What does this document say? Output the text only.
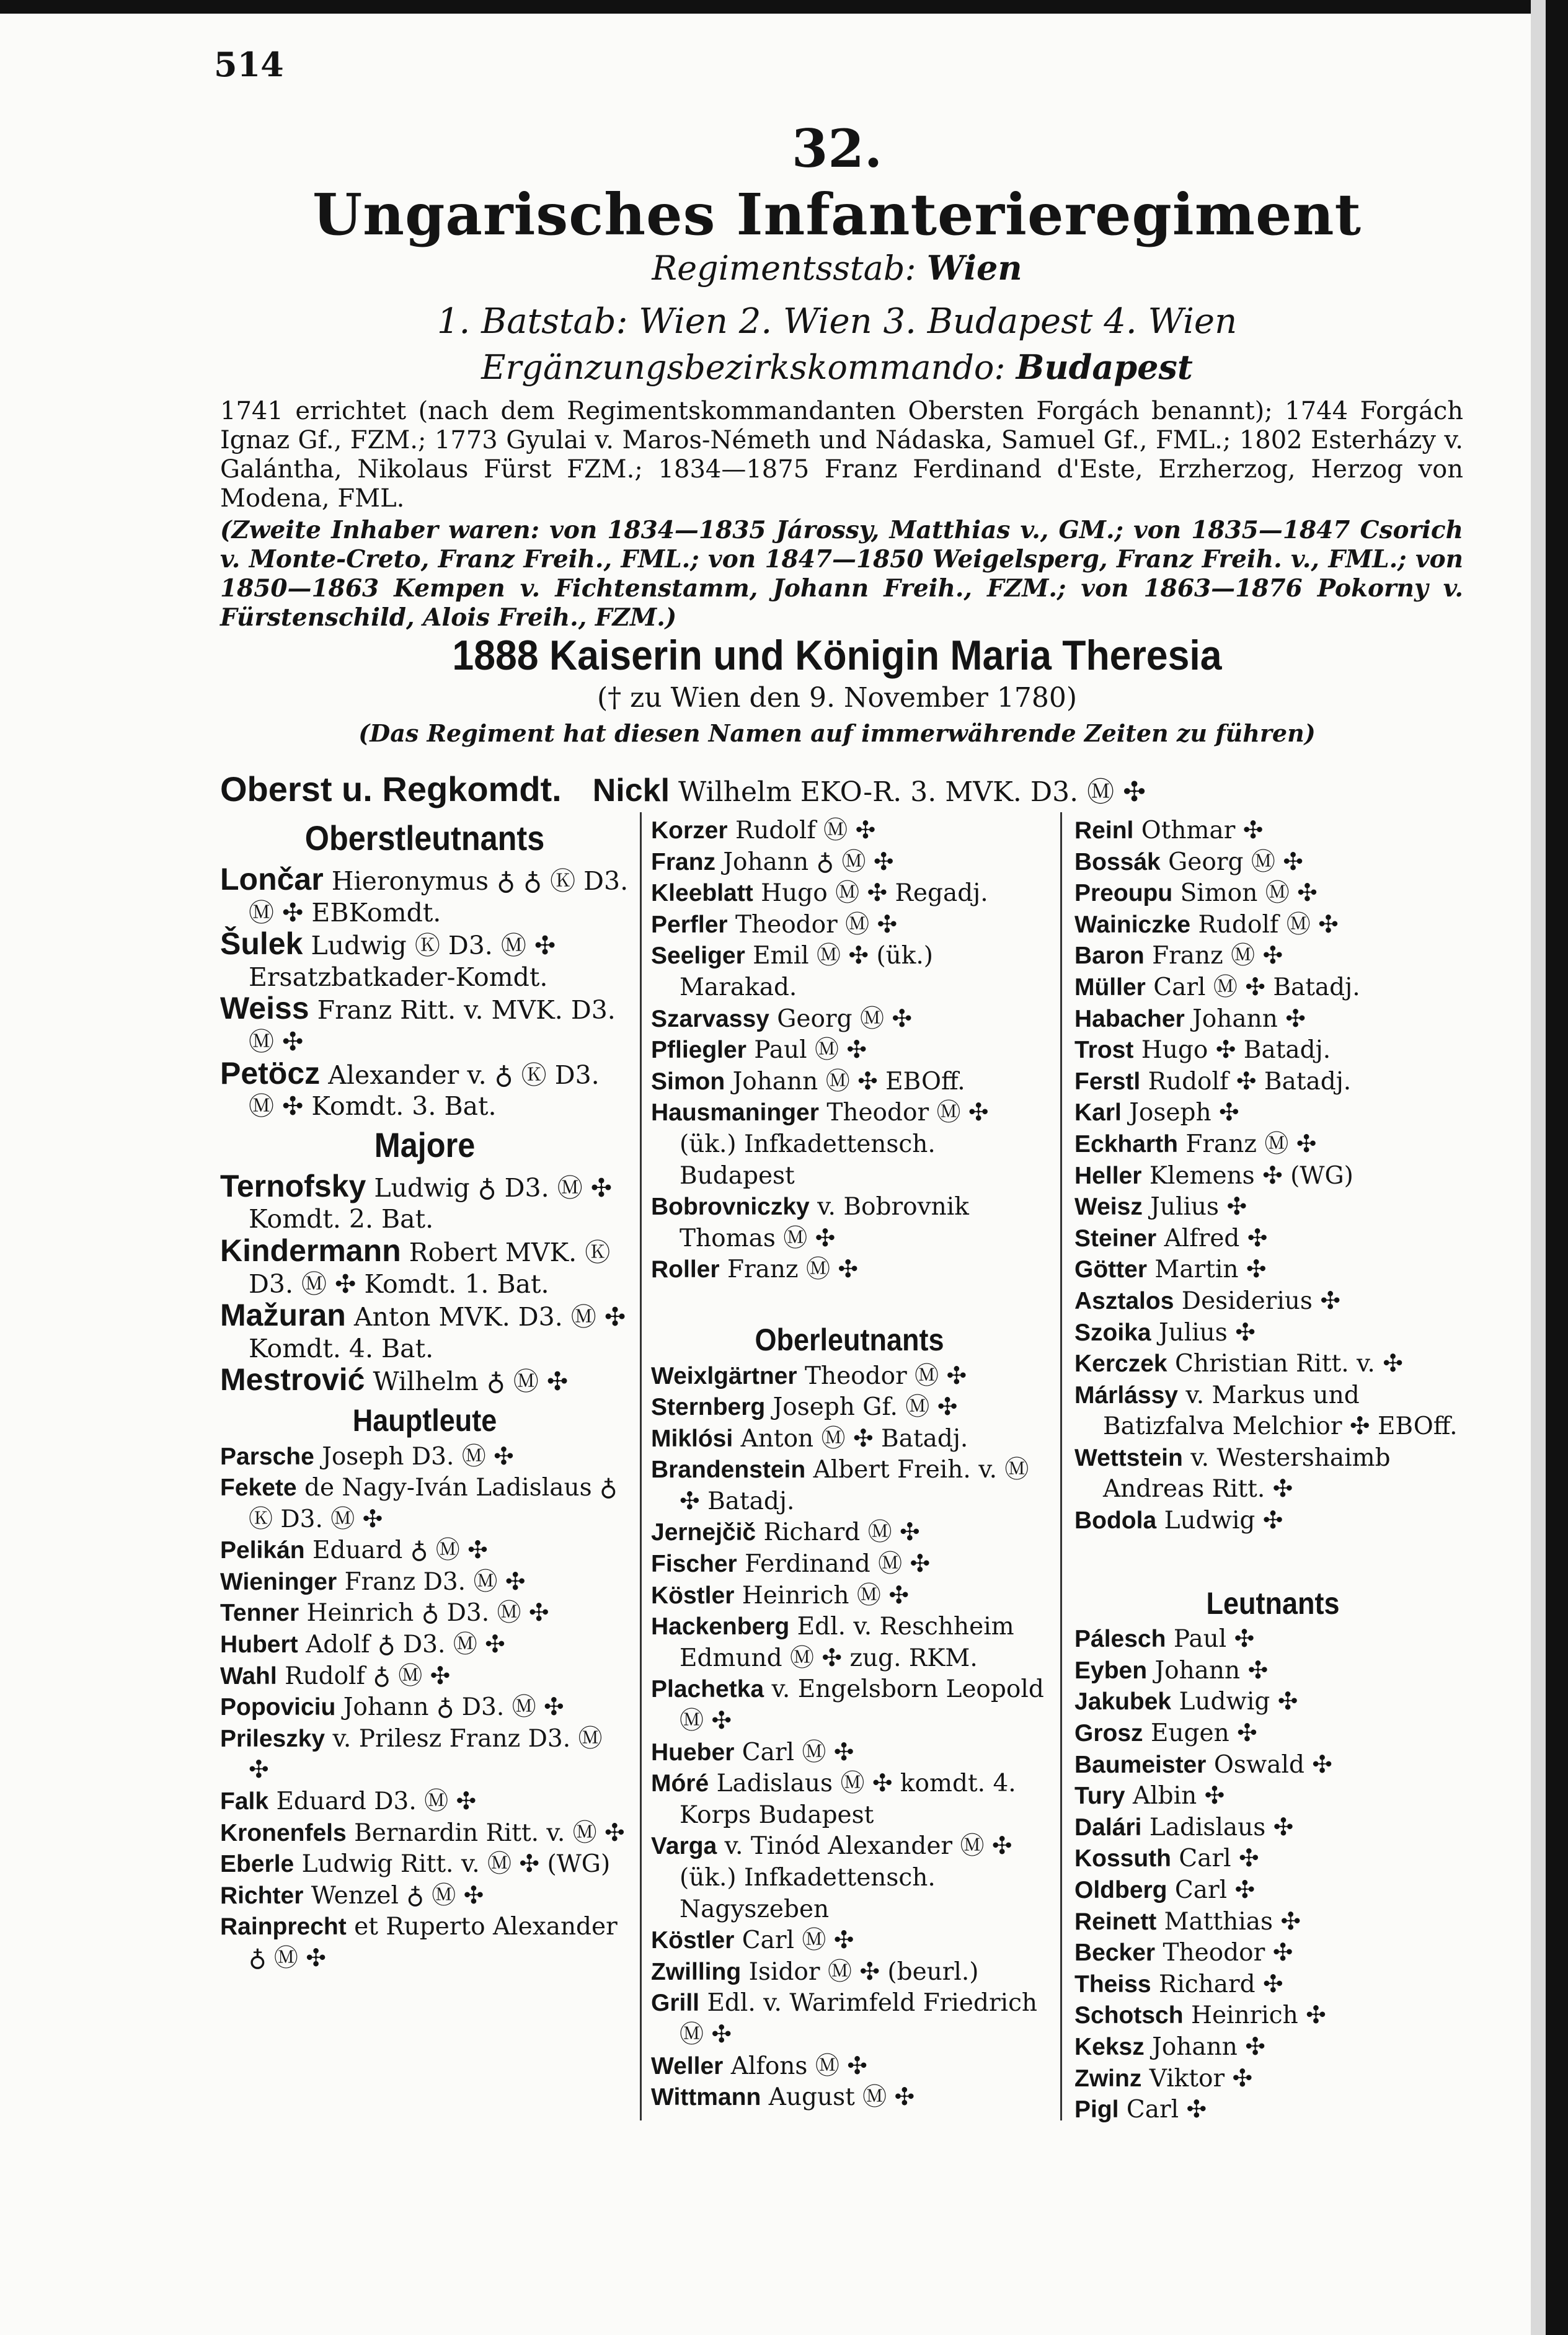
514
32.
Ungarisches Infanterieregiment
Regimentsstab: Wien
1. Batstab: Wien 2. Wien 3. Budapest 4. Wien
Ergänzungsbezirkskommando: Budapest
1741 errichtet (nach dem Regimentskommandanten Obersten Forgách benannt); 1744 Forgách Ignaz Gf., FZM.; 1773 Gyulai v. Maros-Németh und Nádaska, Samuel Gf., FML.; 1802 Esterházy v. Galántha, Nikolaus Fürst FZM.; 1834—1875 Franz Ferdinand d'Este, Erzherzog, Herzog von Modena, FML.
(Zweite Inhaber waren: von 1834—1835 Járossy, Matthias v., GM.; von 1835—1847 Csorich v. Monte-Creto, Franz Freih., FML.; von 1847—1850 Weigelsperg, Franz Freih. v., FML.; von 1850—1863 Kempen v. Fichtenstamm, Johann Freih., FZM.; von 1863—1876 Pokorny v. Fürstenschild, Alois Freih., FZM.)
1888 Kaiserin und Königin Maria Theresia
(† zu Wien den 9. November 1780)
(Das Regiment hat diesen Namen auf immerwährende Zeiten zu führen)
Oberst u. Regkomdt. Nickl Wilhelm EKO-R. 3. MVK. D3. Ⓜ ✣
Oberstleutnants

Lončar Hieronymus ♁ ♁ Ⓚ D3. Ⓜ ✣ EBKomdt.

Šulek Ludwig Ⓚ D3. Ⓜ ✣ Ersatzbatkader-Komdt.

Weiss Franz Ritt. v. MVK. D3. Ⓜ ✣

Petöcz Alexander v. ♁ Ⓚ D3. Ⓜ ✣ Komdt. 3. Bat.

Majore

Ternofsky Ludwig ♁ D3. Ⓜ ✣ Komdt. 2. Bat.

Kindermann Robert MVK. Ⓚ D3. Ⓜ ✣ Komdt. 1. Bat.

Mažuran Anton MVK. D3. Ⓜ ✣ Komdt. 4. Bat.

Mestrović Wilhelm ♁ Ⓜ ✣

Hauptleute

Parsche Joseph D3. Ⓜ ✣

Fekete de Nagy-Iván Ladislaus ♁ Ⓚ D3. Ⓜ ✣

Pelikán Eduard ♁ Ⓜ ✣

Wieninger Franz D3. Ⓜ ✣

Tenner Heinrich ♁ D3. Ⓜ ✣

Hubert Adolf ♁ D3. Ⓜ ✣

Wahl Rudolf ♁ Ⓜ ✣

Popoviciu Johann ♁ D3. Ⓜ ✣

Prileszky v. Prilesz Franz D3. Ⓜ ✣

Falk Eduard D3. Ⓜ ✣

Kronenfels Bernardin Ritt. v. Ⓜ ✣

Eberle Ludwig Ritt. v. Ⓜ ✣ (WG)

Richter Wenzel ♁ Ⓜ ✣

Rainprecht et Ruperto Alexander ♁ Ⓜ ✣

Korzer Rudolf Ⓜ ✣

Franz Johann ♁ Ⓜ ✣

Kleeblatt Hugo Ⓜ ✣ Regadj.

Perfler Theodor Ⓜ ✣

Seeliger Emil Ⓜ ✣ (ük.) Marakad.

Szarvassy Georg Ⓜ ✣

Pfliegler Paul Ⓜ ✣

Simon Johann Ⓜ ✣ EBOff.

Hausmaninger Theodor Ⓜ ✣ (ük.) Infkadettensch. Budapest

Bobrovniczky v. Bobrovnik Thomas Ⓜ ✣

Roller Franz Ⓜ ✣

Oberleutnants

Weixlgärtner Theodor Ⓜ ✣

Sternberg Joseph Gf. Ⓜ ✣

Miklósi Anton Ⓜ ✣ Batadj.

Brandenstein Albert Freih. v. Ⓜ ✣ Batadj.

Jernejčič Richard Ⓜ ✣

Fischer Ferdinand Ⓜ ✣

Köstler Heinrich Ⓜ ✣

Hackenberg Edl. v. Reschheim Edmund Ⓜ ✣ zug. RKM.

Plachetka v. Engelsborn Leopold Ⓜ ✣

Hueber Carl Ⓜ ✣

Móré Ladislaus Ⓜ ✣ komdt. 4. Korps Budapest

Varga v. Tinód Alexander Ⓜ ✣ (ük.) Infkadettensch. Nagyszeben

Köstler Carl Ⓜ ✣

Zwilling Isidor Ⓜ ✣ (beurl.)

Grill Edl. v. Warimfeld Friedrich Ⓜ ✣

Weller Alfons Ⓜ ✣

Wittmann August Ⓜ ✣

Reinl Othmar ✣

Bossák Georg Ⓜ ✣

Preoupu Simon Ⓜ ✣

Wainiczke Rudolf Ⓜ ✣

Baron Franz Ⓜ ✣

Müller Carl Ⓜ ✣ Batadj.

Habacher Johann ✣

Trost Hugo ✣ Batadj.

Ferstl Rudolf ✣ Batadj.

Karl Joseph ✣

Eckharth Franz Ⓜ ✣

Heller Klemens ✣ (WG)

Weisz Julius ✣

Steiner Alfred ✣

Götter Martin ✣

Asztalos Desiderius ✣

Szoika Julius ✣

Kerczek Christian Ritt. v. ✣

Márlássy v. Markus und Batizfalva Melchior ✣ EBOff.

Wettstein v. Westershaimb Andreas Ritt. ✣

Bodola Ludwig ✣

Leutnants

Pálesch Paul ✣

Eyben Johann ✣

Jakubek Ludwig ✣

Grosz Eugen ✣

Baumeister Oswald ✣

Tury Albin ✣

Dalári Ladislaus ✣

Kossuth Carl ✣

Oldberg Carl ✣

Reinett Matthias ✣

Becker Theodor ✣

Theiss Richard ✣

Schotsch Heinrich ✣

Keksz Johann ✣

Zwinz Viktor ✣

Pigl Carl ✣
